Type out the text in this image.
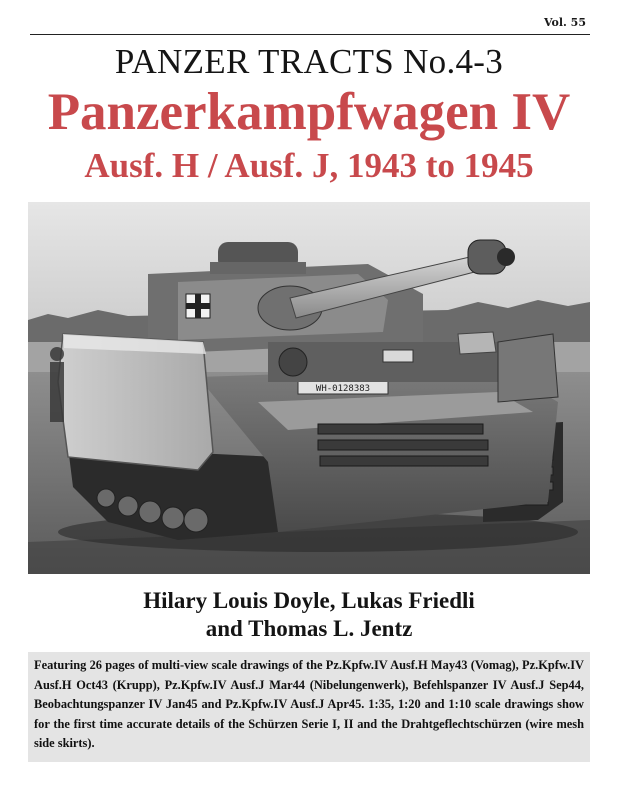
Vol. 55
PANZER TRACTS No.4-3
Panzerkampfwagen IV
Ausf. H / Ausf. J, 1943 to 1945
WH-0128383
Hilary Louis Doyle, Lukas Friedli
and Thomas L. Jentz
Featuring 26 pages of multi-view scale drawings of the Pz.Kpfw.IV Ausf.H May43 (Vomag), Pz.Kpfw.IV Ausf.H Oct43 (Krupp), Pz.Kpfw.IV Ausf.J Mar44 (Nibelungenwerk), Befehlspanzer IV Ausf.J Sep44, Beobachtungspanzer IV Jan45 and Pz.Kpfw.IV Ausf.J Apr45. 1:35, 1:20 and 1:10 scale drawings show for the first time accurate details of the Schürzen Serie I, II and the Drahtgeflechtschürzen (wire mesh side skirts).
